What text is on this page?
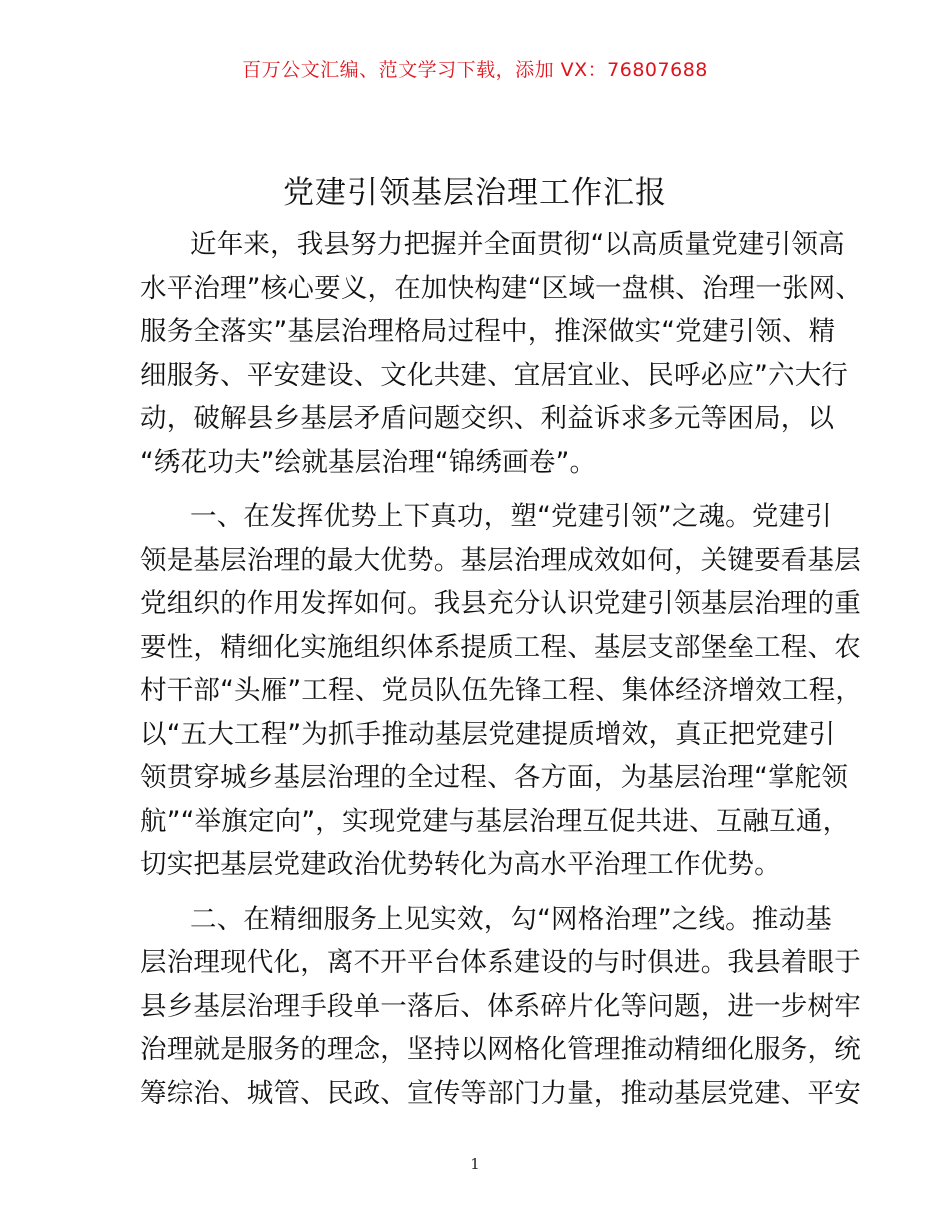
百万公文汇编、范文学习下载，添加 VX：76807688
党建引领基层治理工作汇报
近年来，我县努力把握并全面贯彻“以高质量党建引领高
水平治理”核心要义，在加快构建“区域一盘棋、治理一张网、
服务全落实”基层治理格局过程中，推深做实“党建引领、精
细服务、平安建设、文化共建、宜居宜业、民呼必应”六大行
动，破解县乡基层矛盾问题交织、利益诉求多元等困局，以
“绣花功夫”绘就基层治理“锦绣画卷”。
一、在发挥优势上下真功，塑“党建引领”之魂。党建引
领是基层治理的最大优势。基层治理成效如何，关键要看基层
党组织的作用发挥如何。我县充分认识党建引领基层治理的重
要性，精细化实施组织体系提质工程、基层支部堡垒工程、农
村干部“头雁”工程、党员队伍先锋工程、集体经济增效工程，
以“五大工程”为抓手推动基层党建提质增效，真正把党建引
领贯穿城乡基层治理的全过程、各方面，为基层治理“掌舵领
航”“举旗定向”，实现党建与基层治理互促共进、互融互通，
切实把基层党建政治优势转化为高水平治理工作优势。
二、在精细服务上见实效，勾“网格治理”之线。推动基
层治理现代化，离不开平台体系建设的与时俱进。我县着眼于
县乡基层治理手段单一落后、体系碎片化等问题，进一步树牢
治理就是服务的理念，坚持以网格化管理推动精细化服务，统
筹综治、城管、民政、宣传等部门力量，推动基层党建、平安
1
